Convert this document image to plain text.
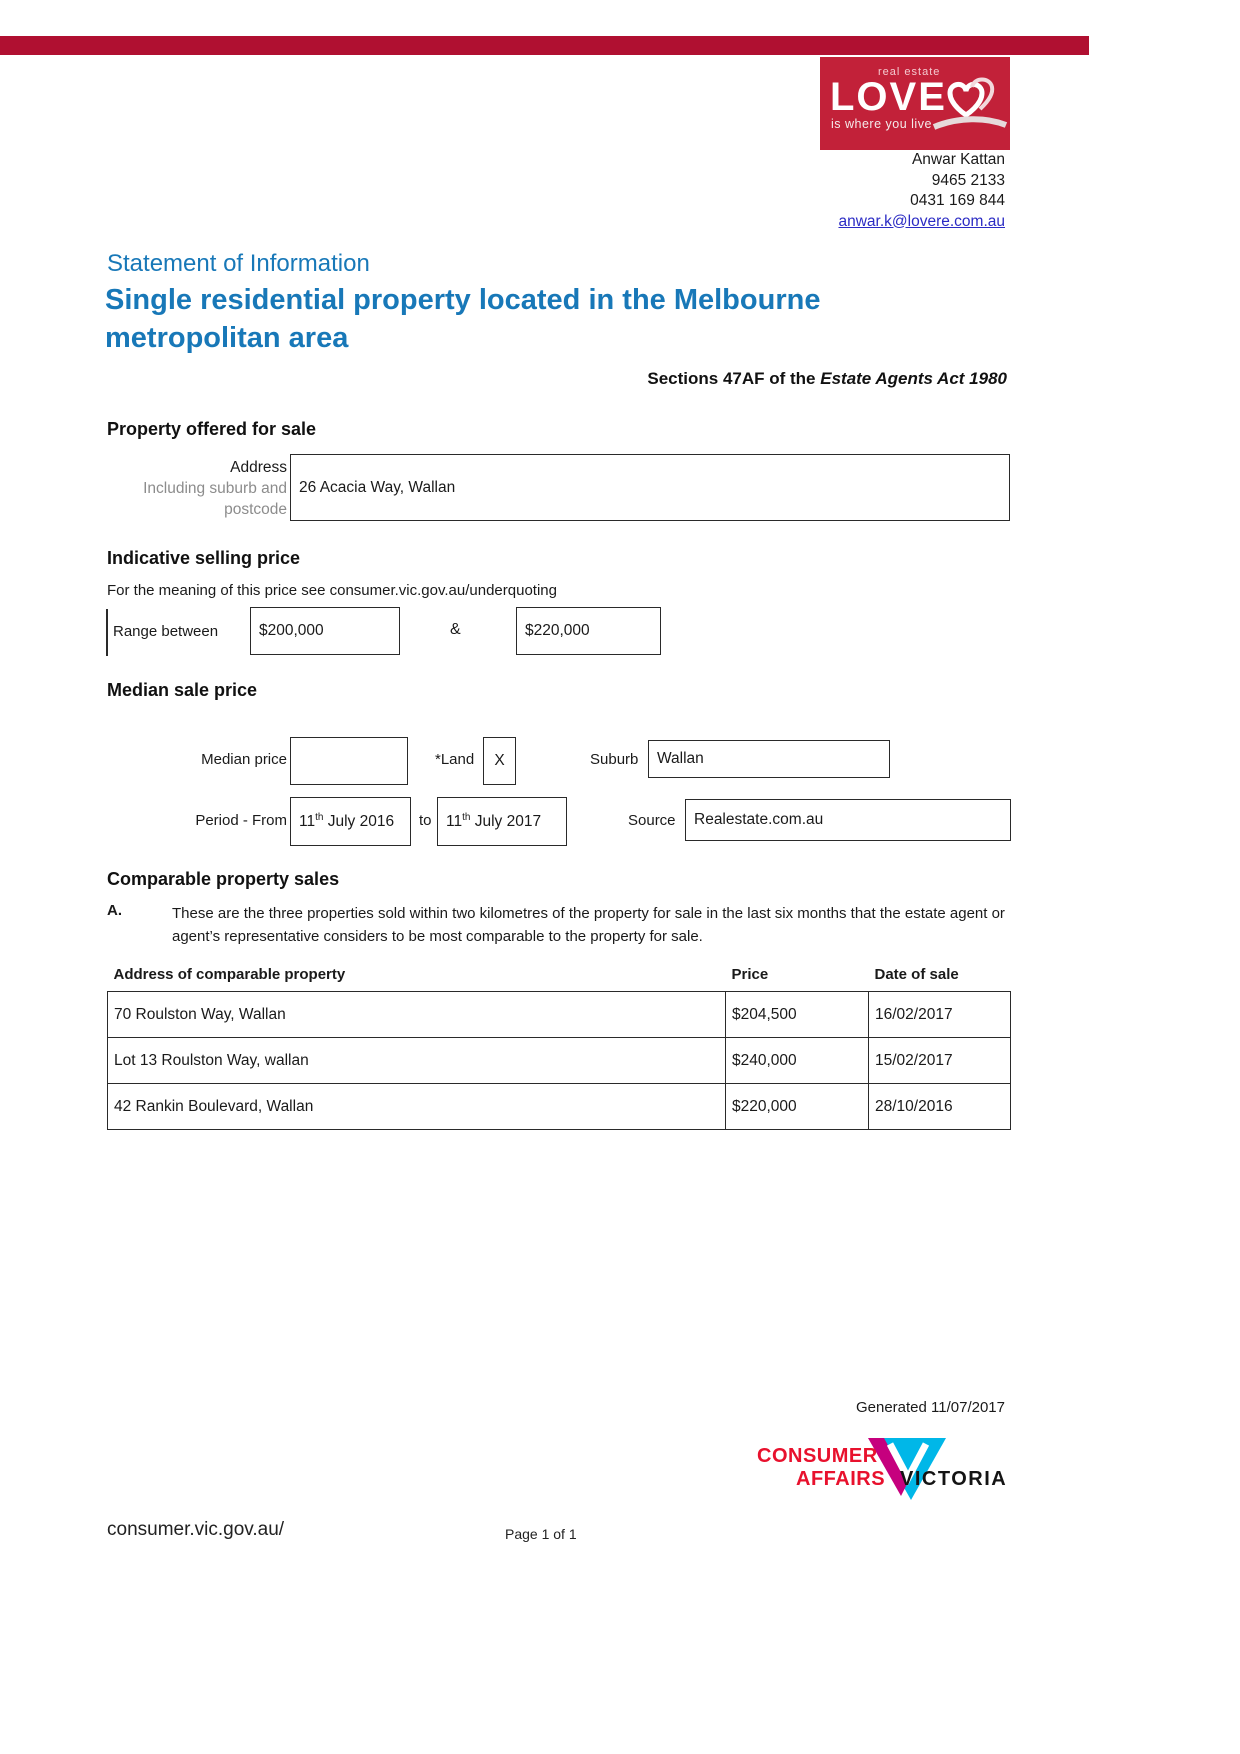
real estate
LOVE
is where you live
Anwar Kattan
9465 2133
0431 169 844
anwar.k@lovere.com.au
Statement of Information
Single residential property located in the Melbourne metropolitan area
Sections 47AF of the Estate Agents Act 1980
Property offered for sale
Address
Including suburb and
postcode
26 Acacia Way, Wallan
Indicative selling price
For the meaning of this price see consumer.vic.gov.au/underquoting
Range between	$200,000	&	$220,000
Median sale price
Median price	*Land X	Suburb	Wallan
Period - From 11th July 2016 to 11th July 2017	Source	Realestate.com.au
Comparable property sales
A.	These are the three properties sold within two kilometres of the property for sale in the last six months that the estate agent or agent’s representative considers to be most comparable to the property for sale.
Address of comparable property	Price	Date of sale
70 Roulston Way, Wallan	$204,500	16/02/2017
Lot 13 Roulston Way, wallan	$240,000	15/02/2017
42 Rankin Boulevard, Wallan	$220,000	28/10/2016
Generated 11/07/2017
CONSUMER
AFFAIRS VICTORIA
consumer.vic.gov.au/	Page 1 of 1
